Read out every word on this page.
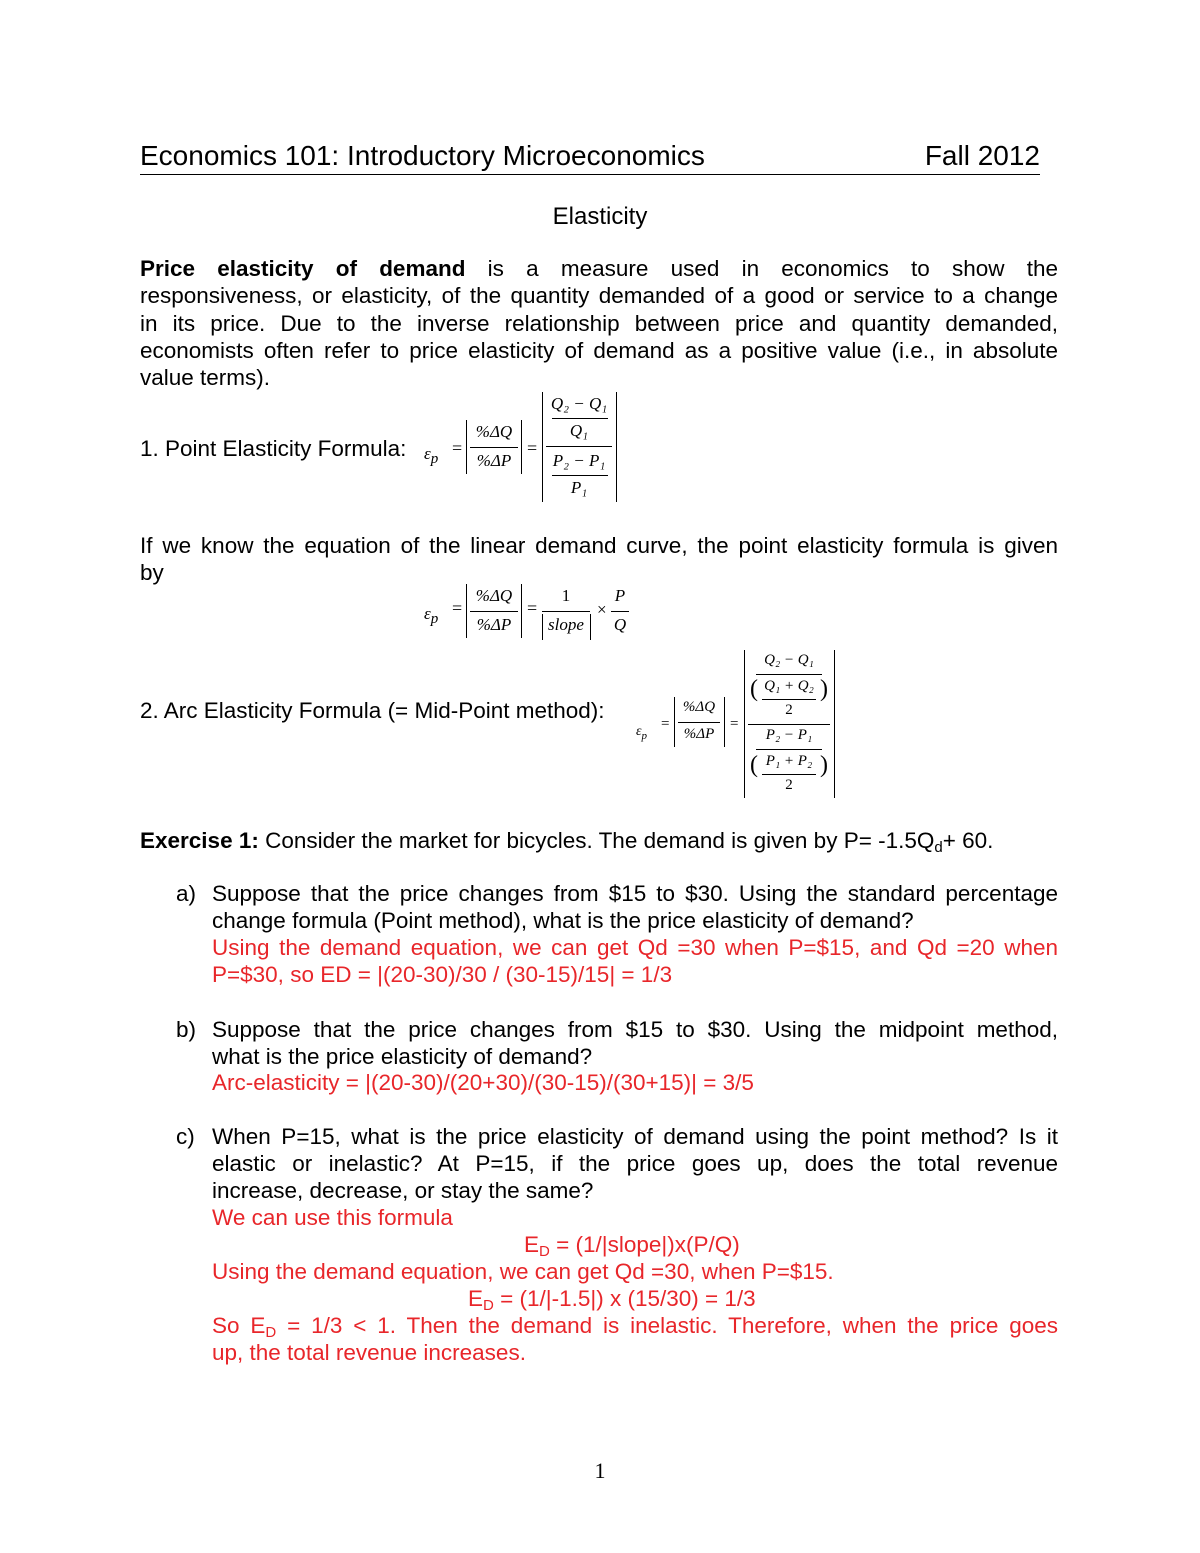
Economics 101: Introductory Microeconomics	Fall 2012
Elasticity
Price elasticity of demand is a measure used in economics to show the
responsiveness, or elasticity, of the quantity demanded of a good or service to a change
in its price. Due to the inverse relationship between price and quantity demanded,
economists often refer to price elasticity of demand as a positive value (i.e., in absolute
value terms).
1. Point Elasticity Formula: $\varepsilon_p$
=
%ΔQ
%ΔP
=
Q₂ − Q₁
Q₁
P₂ − P₁
P₁
If we know the equation of the linear demand curve, the point elasticity formula is given
by
$\varepsilon_p$
=
%ΔQ
%ΔP
=
1
slope
×
P
Q
2. Arc Elasticity Formula (= Mid-Point method):
$\varepsilon_p$
=
%ΔQ
%ΔP
=
Q₂ − Q₁
( Q₁ + Q₂
2
)
P₂ − P₁
( P₁ + P₂
2
)
Exercise 1: Consider the market for bicycles. The demand is given by $P= -1.5Q_d+ 60$.
a) Suppose that the price changes from $15 to $30. Using the standard percentage
change formula (Point method), what is the price elasticity of demand?
Using the demand equation, we can get Qd =30 when P=$15, and Qd =20 when
P=$30, so ED = |(20-30)/30 / (30-15)/15| = 1/3
b) Suppose that the price changes from $15 to $30. Using the midpoint method,
what is the price elasticity of demand?
Arc-elasticity = |(20-30)/(20+30)/(30-15)/(30+15)| = 3/5
c) When P=15, what is the price elasticity of demand using the point method? Is it
elastic or inelastic? At P=15, if the price goes up, does the total revenue
increase, decrease, or stay the same?
We can use this formula
$E_D$ = (1/|slope|)x(P/Q)
Using the demand equation, we can get Qd =30, when P=$15.
$E_D = (1/|-1.5|)$ x (15/30) = 1/3
So $E_D = 1/3 < 1$. Then the demand is inelastic. Therefore, when the price goes
up, the total revenue increases.
1
